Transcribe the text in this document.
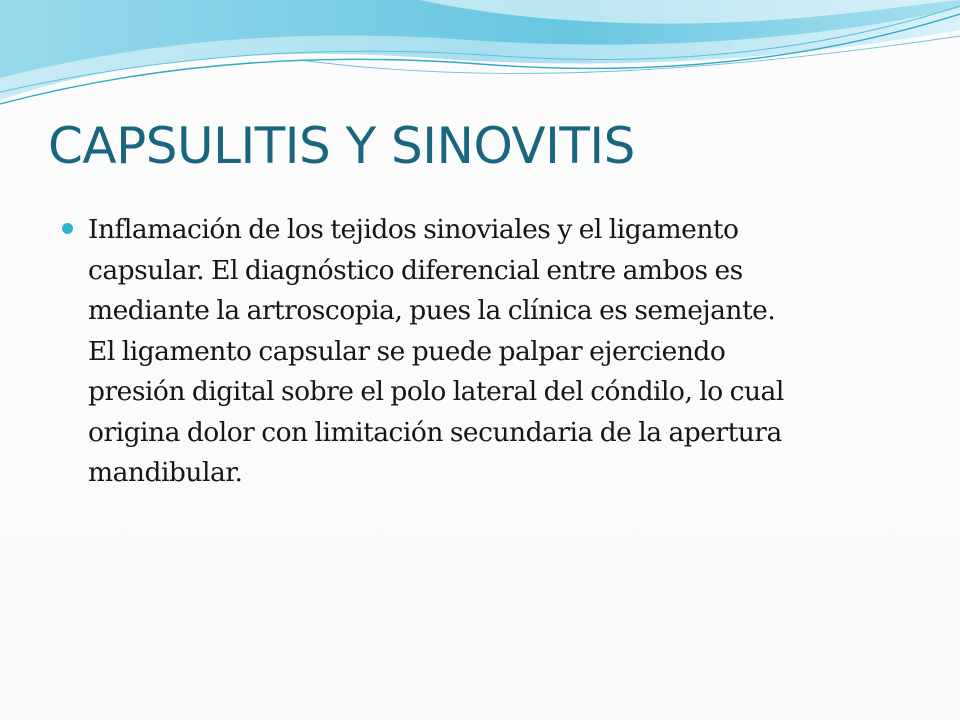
CAPSULITIS Y SINOVITIS
Inflamación de los tejidos sinoviales y el ligamento
capsular. El diagnóstico diferencial entre ambos es
mediante la artroscopia, pues la clínica es semejante.
El ligamento capsular se puede palpar ejerciendo
presión digital sobre el polo lateral del cóndilo, lo cual
origina dolor con limitación secundaria de la apertura
mandibular.
